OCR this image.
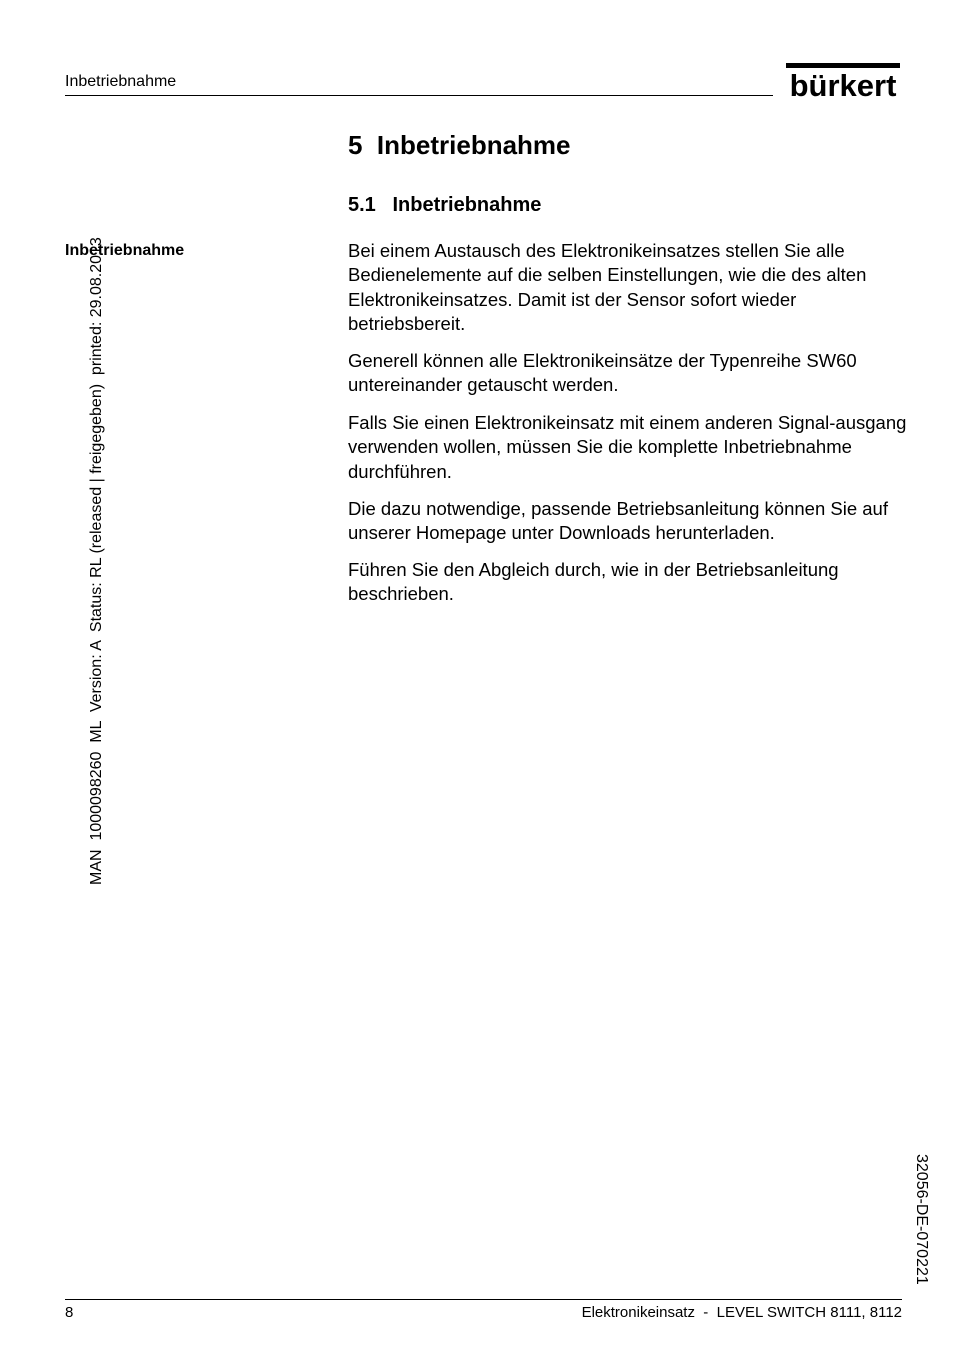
Inbetriebnahme	bürkert
5  Inbetriebnahme
5.1   Inbetriebnahme
Inbetriebnahme	Bei einem Austausch des Elektronikeinsatzes stellen Sie alle Bedienelemente auf die selben Einstellungen, wie die des alten Elektronikeinsatzes. Damit ist der Sensor sofort wieder betriebsbereit.
Generell können alle Elektronikeinsätze der Typenreihe SW60 untereinander getauscht werden.
Falls Sie einen Elektronikeinsatz mit einem anderen Signal-ausgang verwenden wollen, müssen Sie die komplette Inbetriebnahme durchführen.
Die dazu notwendige, passende Betriebsanleitung können Sie auf unserer Homepage unter Downloads herunterladen.
Führen Sie den Abgleich durch, wie in der Betriebsanleitung beschrieben.
MAN  1000098260  ML  Version: A  Status: RL (released | freigegeben)  printed: 29.08.2013
32056-DE-070221
8	Elektronikeinsatz  -  LEVEL SWITCH 8111, 8112
